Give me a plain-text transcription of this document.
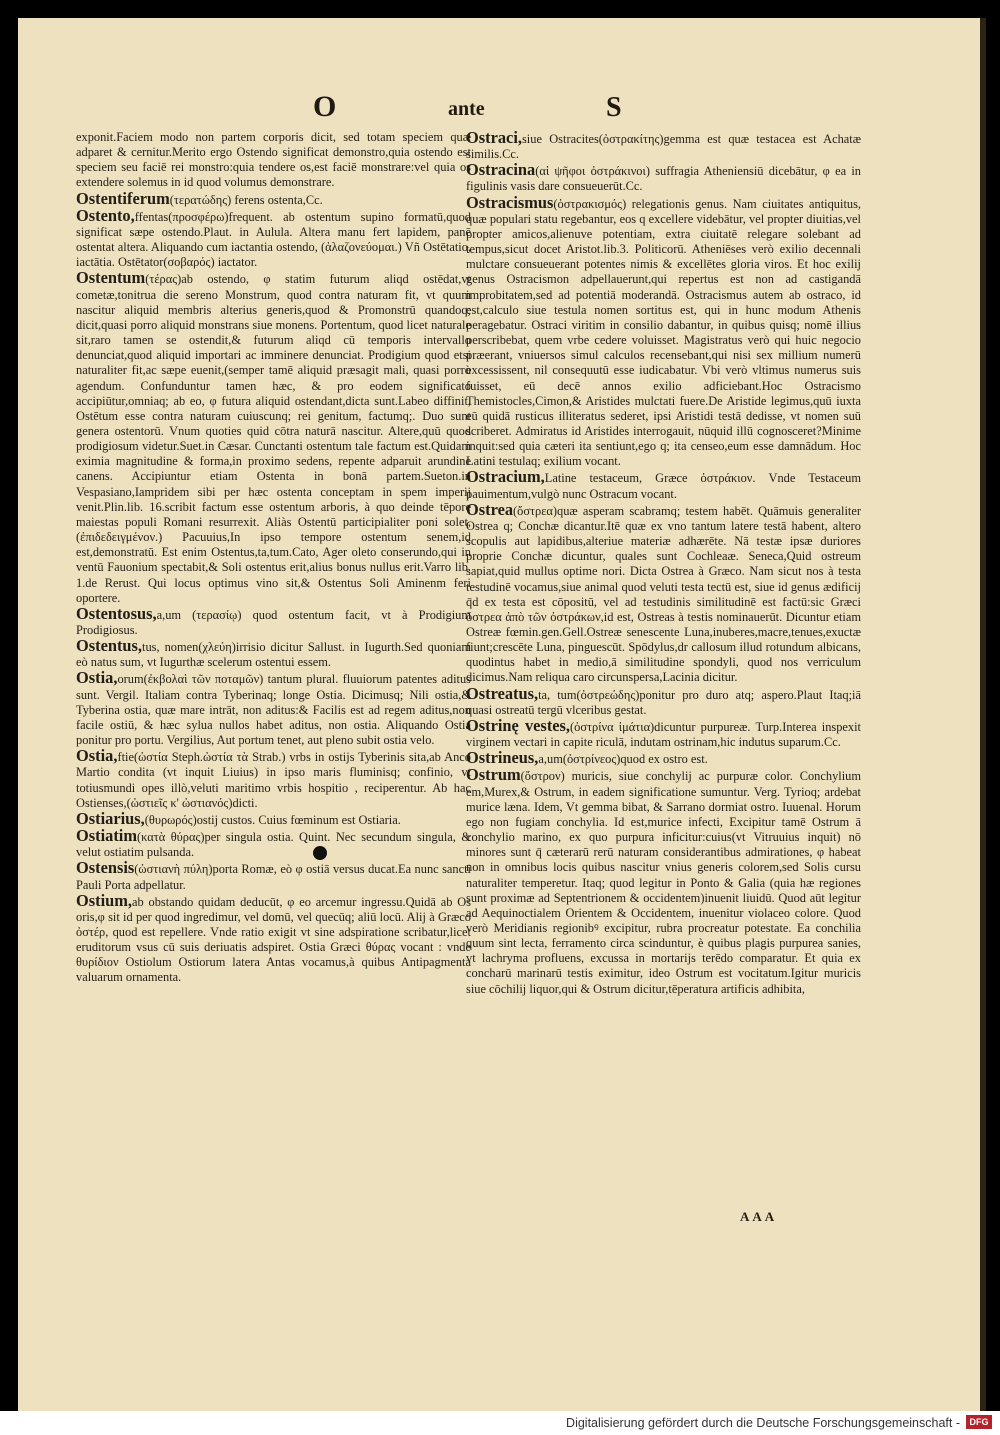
O	ante	S

exponit.Faciem modo non partem corporis dicit, sed totam speciem quæ adparet & cernitur.Merito ergo Ostendo significat demonstro,quia ostendo est speciem seu faciē rei monstro:quia tendere os,est faciē monstrare:vel quia os extendere solemus in id quod volumus demonstrare.

Ostentiferum(τερατώδης) ferens ostenta,Cc.

Ostento,ffentas(προσφέρω)frequent. ab ostentum supino formatū,quod significat sæpe ostendo.Plaut. in Aulula. Altera manu fert lapidem, panē ostentat altera. Aliquando cum iactantia ostendo, (ἀλαζονεύομαι.) Vñ Ostētatio, iactātia. Ostētator(σοβαρός) iactator.

Ostentum(τέρας)ab ostendo, φ statim futurum aliqd ostēdat,vt cometæ,tonitrua die sereno Monstrum, quod contra naturam fit, vt quum nascitur aliquid membris alterius generis,quod & Promonstrū quandoq; dicit,quasi porro aliquid monstrans siue monens. Portentum, quod licet naturale sit,raro tamen se ostendit,& futurum aliqd cū temporis intervallo denunciat,quod aliquid importari ac imminere denunciat. Prodigium quod etsi naturaliter fit,ac sæpe euenit,(semper tamē aliquid præsagit mali, quasi porrò agendum. Confunduntur tamen hæc, & pro eodem significato accipiūtur,omniaq; ab eo, φ futura aliquid ostendant,dicta sunt.Labeo diffinit, Ostētum esse contra naturam cuiuscunq; rei genitum, factumq;. Duo sunt genera ostentorū. Vnum quoties quid cōtra naturā nascitur. Altere,quū quod prodigiosum videtur.Suet.in Cæsar. Cunctanti ostentum tale factum est.Quidam eximia magnitudine & forma,in proximo sedens, repente adparuit arundine canens. Accipiuntur etiam Ostenta in bonā partem.Sueton.in Vespasiano,Iampridem sibi per hæc ostenta conceptam in spem imperij venit.Plin.lib. 16.scribit factum esse ostentum arboris, à quo deinde tēpore maiestas populi Romani resurrexit. Aliàs Ostentū participialiter poni solet,(ἐπιδεδειγμένον.) Pacuuius,In ipso tempore ostentum senem,id est,demonstratū. Est enim Ostentus,ta,tum.Cato, Ager oleto conserundo,qui in ventū Fauonium spectabit,& Soli ostentus erit,alius bonus nullus erit.Varro lib. 1.de Rerust. Qui locus optimus vino sit,& Ostentus Soli Aminenm feri oportere.

Ostentosus,a,um (τερασίῳ) quod ostentum facit, vt à Prodigium Prodigiosus.

Ostentus,tus, nomen(χλεύη)irrisio dicitur Sallust. in Iugurth.Sed quoniam eò natus sum, vt Iugurthæ scelerum ostentui essem.

Ostia,orum(ἐκβολαὶ τῶν ποταμῶν) tantum plural. fluuiorum patentes aditus sunt. Vergil. Italiam contra Tyberinaq; longe Ostia. Dicimusq; Nili ostia,& Tyberina ostia, quæ mare intrāt, non aditus:& Facilis est ad regem aditus,non facile ostiū, & hæc sylua nullos habet aditus, non ostia. Aliquando Ostia ponitur pro portu. Vergilius, Aut portum tenet, aut pleno subit ostia velo.

Ostia,ftie(ὠστία Steph.ὠστία τὰ Strab.) vrbs in ostijs Tyberinis sita,ab Anco Martio condita (vt inquit Liuius) in ipso maris fluminisq; confinio, vt totiusmundi opes illò,veluti maritimo vrbis hospitio , reciperentur. Ab hac Ostienses,(ὠστιεῖς κ' ὠστιανός)dicti.

Ostiarius,(θυρωρός)ostij custos. Cuius fœminum est Ostiaria.

Ostiatim(κατὰ θύρας)per singula ostia. Quint. Nec secundum singula, & velut ostiatim pulsanda.

Ostensis(ὠστιανὴ πύλη)porta Romæ, eò φ ostiā versus ducat.Ea nunc sancti Pauli Porta adpellatur.

Ostium,ab obstando quidam deducūt, φ eo arcemur ingressu.Quidā ab Os oris,φ sit id per quod ingredimur, vel domū, vel quecūq; aliū locū. Alij à Græco ὀστέρ, quod est repellere. Vnde ratio exigit vt sine adspiratione scribatur,licet eruditorum vsus cū suis deriuatis adspiret. Ostia Græci θύρας vocant : vnde θυρίδιον Ostiolum Ostiorum latera Antas vocamus,à quibus Antipagmenta valuarum ornamenta.

Ostraci,siue Ostracites(ὀστρακίτης)gemma est quæ testacea est Achatæ similis.Cc.

Ostracina(αἱ ψῆφοι ὀστράκινοι) suffragia Atheniensiū dicebātur, φ ea in figulinis vasis dare consueuerūt.Cc.

Ostracismus(ὀστρακισμός) relegationis genus. Nam ciuitates antiquitus, quæ populari statu regebantur, eos q excellere videbātur, vel propter diuitias,vel propter amicos,alienuve potentiam, extra ciuitatē relegare solebant ad tempus,sicut docet Aristot.lib.3. Politicorū. Atheniēses verò exilio decennali mulctare consueuerant potentes nimis & excellētes gloria viros. Et hoc exilij genus Ostracismon adpellauerunt,qui repertus est non ad castigandā improbitatem,sed ad potentiā moderandā. Ostracismus autem ab ostraco, id est,calculo siue testula nomen sortitus est, qui in hunc modum Athenis peragebatur. Ostraci viritim in consilio dabantur, in quibus quisq; nomē illius perscribebat, quem vrbe cedere voluisset. Magistratus verò qui huic negocio præerant, vniuersos simul calculos recensebant,qui nisi sex millium numerū excessissent, nil consequutū esse iudicabatur. Vbi verò vltimus numerus suis fuisset, eū decē annos exilio adficiebant.Hoc Ostracismo Themistocles,Cimon,& Aristides mulctati fuere.De Aristide legimus,quū iuxta eū quidā rusticus illiteratus sederet, ipsi Aristidi testā dedisse, vt nomen suū scriberet. Admiratus id Aristides interrogauit, nūquid illū cognosceret?Minime inquit:sed quia cæteri ita sentiunt,ego q; ita censeo,eum esse damnādum. Hoc Latini testulaq; exilium vocant.

Ostracium,Latine testaceum, Græce ὀστράκιον. Vnde Testaceum pauimentum,vulgò nunc Ostracum vocant.

Ostrea(ὄστρεα)quæ asperam scabramq; testem habēt. Quāmuis generaliter Ostrea q; Conchæ dicantur.Itē quæ ex vno tantum latere testā habent, altero scopulis aut lapidibus,alteriue materiæ adhærēte. Nā testæ ipsæ duriores proprie Conchæ dicuntur, quales sunt Cochleaæ. Seneca,Quid ostreum sapiat,quid mullus optime nori. Dicta Ostrea à Græco. Nam sicut nos à testa testudinē vocamus,siue animal quod veluti testa tectū est, siue id genus ædificij q̄d ex testa est cōpositū, vel ad testudinis similitudinē est factū:sic Græci ὄστρεα ἀπὸ τῶν ὀστράκων,id est, Ostreas à testis nominauerūt. Dicuntur etiam Ostreæ fœmin.gen.Gell.Ostreæ senescente Luna,inuberes,macre,tenues,exuctæ fiunt;crescēte Luna, pinguescūt. Spōdylus,dr callosum illud rotundum albicans, quodintus habet in medio,ā similitudine spondyli, quod nos verriculum dicimus.Nam reliqua caro circunspersa,Lacinia dicitur.

Ostreatus,ta, tum(ὀστρεώδης)ponitur pro duro atq; aspero.Plaut Itaq;iā quasi ostreatū tergū vlceribus gestat.

Ostrinę vestes,(ὀστρίνα ἱμάτια)dicuntur purpureæ. Turp.Interea inspexit virginem vectari in capite riculā, indutam ostrinam,hic indutus suparum.Cc.

Ostrineus,a,um(ὀστρίνεος)quod ex ostro est.

Ostrum(ὄστρον) muricis, siue conchylij ac purpuræ color. Conchylium em,Murex,& Ostrum, in eadem significatione sumuntur. Verg. Tyrioq; ardebat murice læna. Idem, Vt gemma bibat, & Sarrano dormiat ostro. Iuuenal. Horum ego non fugiam conchylia. Id est,murice infecti, Excipitur tamē Ostrum ā conchylio marino, ex quo purpura inficitur:cuius(vt Vitruuius inquit) nō minores sunt q̄ cæterarū rerū naturam considerantibus admirationes, φ habeat non in omnibus locis quibus nascitur vnius generis colorem,sed Solis cursu naturaliter temperetur. Itaq; quod legitur in Ponto & Galia (quia hæ regiones sunt proximæ ad Septentrionem & occidentem)inuenit liuidū. Quod aūt legitur ad Aequinoctialem Orientem & Occidentem, inuenitur violaceo colore. Quod verò Meridianis regionibꝰ excipitur, rubra procreatur potestate. Ea conchilia quum sint lecta, ferramento circa scinduntur, è quibus plagis purpurea sanies, vt lachryma profluens, excussa in mortarijs terēdo comparatur. Et quia ex concharū marinarū testis eximitur, ideo Ostrum est vocitatum.Igitur muricis siue cōchilij liquor,qui & Ostrum dicitur,tēperatura artificis adhibita,

AAA
Digitalisierung gefördert durch die Deutsche Forschungsgemeinschaft -	DFG
